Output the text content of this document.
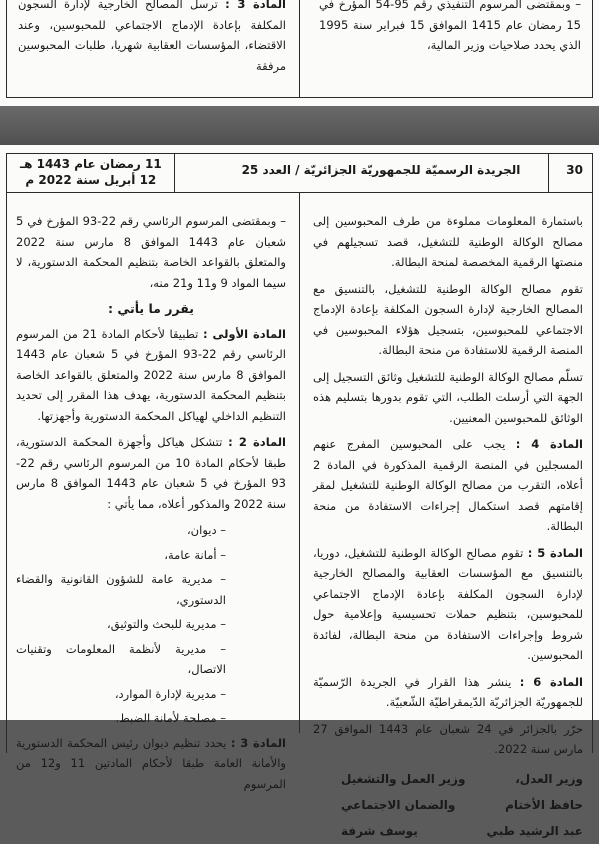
– وبمقتضى المرسوم التنفيذي رقم 95-54 المؤرخ في 15 رمضان عام 1415 الموافق 15 فبراير سنة 1995 الذي يحدد صلاحيات وزير المالية،

المادة 3 : ترسل المصالح الخارجية لإدارة السجون المكلفة بإعادة الإدماج الاجتماعي للمحبوسين، وعند الاقتضاء، المؤسسات العقابية شهريا، طلبات المحبوسين مرفقة

30
الجريدة الرسميّة للجمهوريّة الجزائريّة / العدد 25
11 رمضان عام 1443 هـ
12 أبريل سنة 2022 م

باستمارة المعلومات مملوءة من طرف المحبوسين إلى مصالح الوكالة الوطنية للتشغيل، قصد تسجيلهم في منصتها الرقمية المخصصة لمنحة البطالة.

تقوم مصالح الوكالة الوطنية للتشغيل، بالتنسيق مع المصالح الخارجية لإدارة السجون المكلفة بإعادة الإدماج الاجتماعي للمحبوسين، بتسجيل هؤلاء المحبوسين في المنصة الرقمية للاستفادة من منحة البطالة.

تسلّم مصالح الوكالة الوطنية للتشغيل وثائق التسجيل إلى الجهة التي أرسلت الطلب، التي تقوم بدورها بتسليم هذه الوثائق للمحبوسين المعنيين.

المادة 4 : يجب على المحبوسين المفرج عنهم المسجلين في المنصة الرقمية المذكورة في المادة 2 أعلاه، التقرب من مصالح الوكالة الوطنية للتشغيل لمقر إقامتهم قصد استكمال إجراءات الاستفادة من منحة البطالة.

المادة 5 : تقوم مصالح الوكالة الوطنية للتشغيل، دوريا، بالتنسيق مع المؤسسات العقابية والمصالح الخارجية لإدارة السجون المكلفة بإعادة الإدماج الاجتماعي للمحبوسين، بتنظيم حملات تحسيسية وإعلامية حول شروط وإجراءات الاستفادة من منحة البطالة، لفائدة المحبوسين.

المادة 6 : ينشر هذا القرار في الجريدة الرّسميّة للجمهوريّة الجزائريّة الدّيمقراطيّة الشّعبيّة.

حرّر بالجزائر في 24 شعبان عام 1443 الموافق 27 مارس سنة 2022.

وزير العدل،	وزير العمل والتشغيل
حافظ الأختام	والضمان الاجتماعي
عبد الرشيد طبي	يوسف شرفة

– وبمقتضى المرسوم الرئاسي رقم 22-93 المؤرخ في 5 شعبان عام 1443 الموافق 8 مارس سنة 2022 والمتعلق بالقواعد الخاصة بتنظيم المحكمة الدستورية، لا سيما المواد 9 و11 و21 منه،

يقرر ما يأتي :

المادة الأولى : تطبيقا لأحكام المادة 21 من المرسوم الرئاسي رقم 22-93 المؤرخ في 5 شعبان عام 1443 الموافق 8 مارس سنة 2022 والمتعلق بالقواعد الخاصة بتنظيم المحكمة الدستورية، يهدف هذا المقرر إلى تحديد التنظيم الداخلي لهياكل المحكمة الدستورية وأجهزتها.

المادة 2 : تتشكل هياكل وأجهزة المحكمة الدستورية، طبقا لأحكام المادة 10 من المرسوم الرئاسي رقم 22-93 المؤرخ في 5 شعبان عام 1443 الموافق 8 مارس سنة 2022 والمذكور أعلاه، مما يأتي :

– ديوان،

– أمانة عامة،

– مديرية عامة للشؤون القانونية والقضاء الدستوري،

– مديرية للبحث والتوثيق،

– مديرية لأنظمة المعلومات وتقنيات الاتصال،

– مديرية لإدارة الموارد،

– مصلحة لأمانة الضبط.

المادة 3 : يحدد تنظيم ديوان رئيس المحكمة الدستورية والأمانة العامة طبقا لأحكام المادتين 11 و12 من المرسوم
